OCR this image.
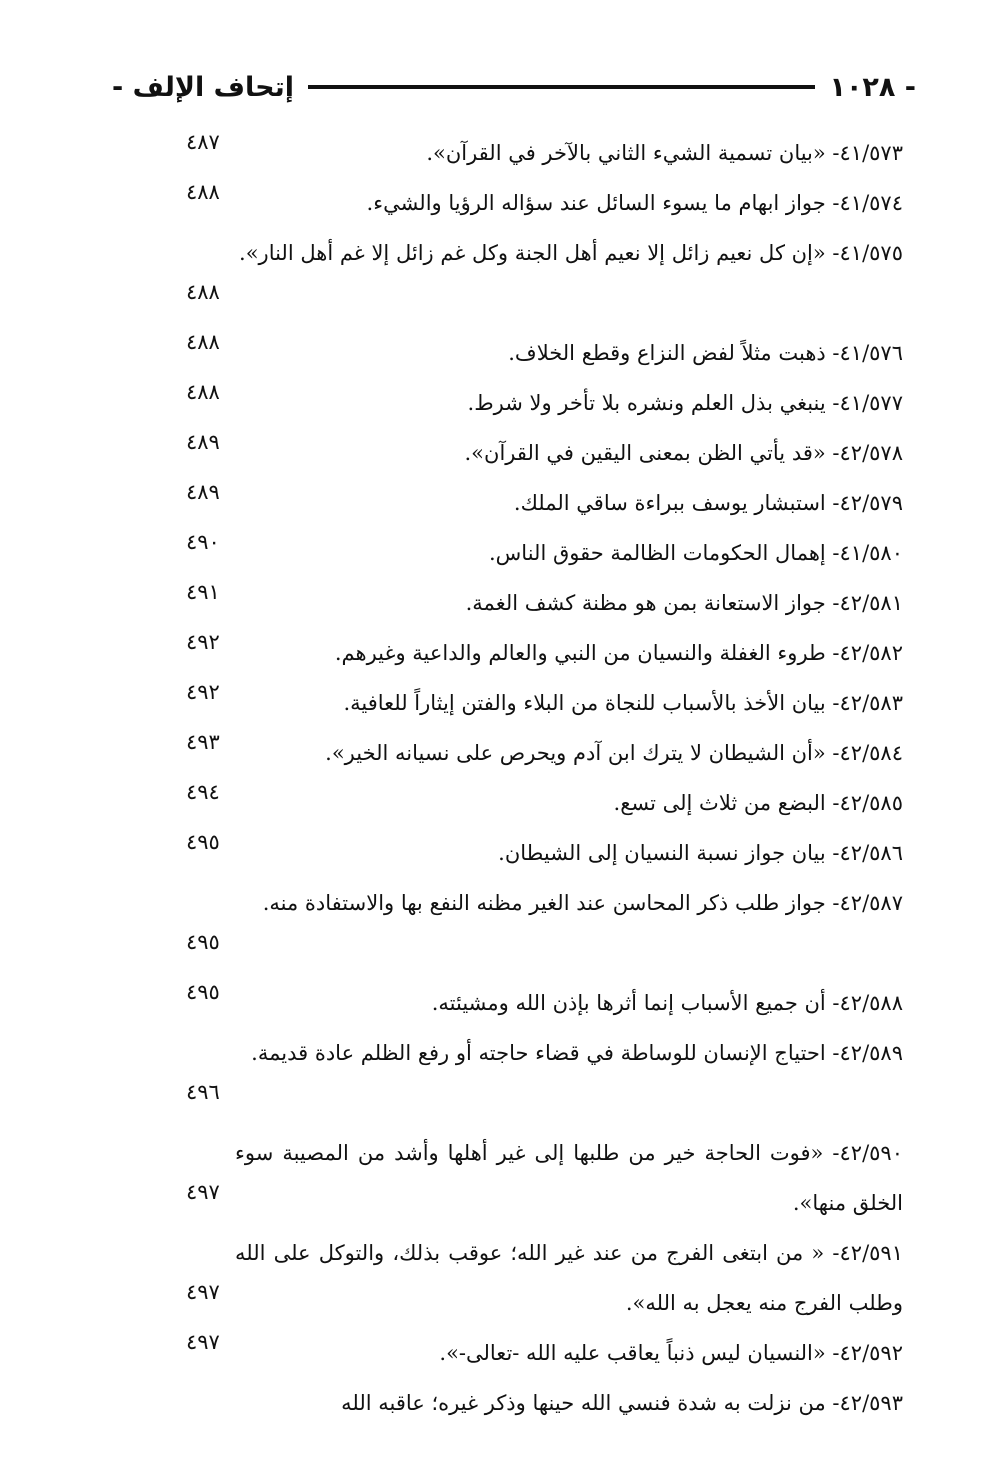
- ١٠٢٨
إتحاف الإلف -
٤١/٥٧٣- «بيان تسمية الشيء الثاني بالآخر في القرآن».
٤٨٧
٤١/٥٧٤- جواز ابهام ما يسوء السائل عند سؤاله الرؤيا والشيء.
٤٨٨
٤١/٥٧٥- «إن كل نعيم زائل إلا نعيم أهل الجنة وكل غم زائل إلا غم أهل النار».
٤٨٨
٤١/٥٧٦- ذهبت مثلاً لفض النزاع وقطع الخلاف.
٤٨٨
٤١/٥٧٧- ينبغي بذل العلم ونشره بلا تأخر ولا شرط.
٤٨٨
٤٢/٥٧٨- «قد يأتي الظن بمعنى اليقين في القرآن».
٤٨٩
٤٢/٥٧٩- استبشار يوسف ببراءة ساقي الملك.
٤٨٩
٤١/٥٨٠- إهمال الحكومات الظالمة حقوق الناس.
٤٩٠
٤٢/٥٨١- جواز الاستعانة بمن هو مظنة كشف الغمة.
٤٩١
٤٢/٥٨٢- طروء الغفلة والنسيان من النبي والعالم والداعية وغيرهم.
٤٩٢
٤٢/٥٨٣- بيان الأخذ بالأسباب للنجاة من البلاء والفتن إيثاراً للعافية.
٤٩٢
٤٢/٥٨٤- «أن الشيطان لا يترك ابن آدم ويحرص على نسيانه الخير».
٤٩٣
٤٢/٥٨٥- البضع من ثلاث إلى تسع.
٤٩٤
٤٢/٥٨٦- بيان جواز نسبة النسيان إلى الشيطان.
٤٩٥
٤٢/٥٨٧- جواز طلب ذكر المحاسن عند الغير مظنه النفع بها والاستفادة منه.
٤٩٥
٤٢/٥٨٨- أن جميع الأسباب إنما أثرها بإذن الله ومشيئته.
٤٩٥
٤٢/٥٨٩- احتياج الإنسان للوساطة في قضاء حاجته أو رفع الظلم عادة قديمة.
٤٩٦
٤٢/٥٩٠- «فوت الحاجة خير من طلبها إلى غير أهلها وأشد من المصيبة سوء الخلق منها».
٤٩٧
٤٢/٥٩١- « من ابتغى الفرج من عند غير الله؛ عوقب بذلك، والتوكل على الله وطلب الفرج منه يعجل به الله».
٤٩٧
٤٢/٥٩٢- «النسيان ليس ذنباً يعاقب عليه الله -تعالى-».
٤٩٧
٤٢/٥٩٣- من نزلت به شدة فنسي الله حينها وذكر غيره؛ عاقبه الله
